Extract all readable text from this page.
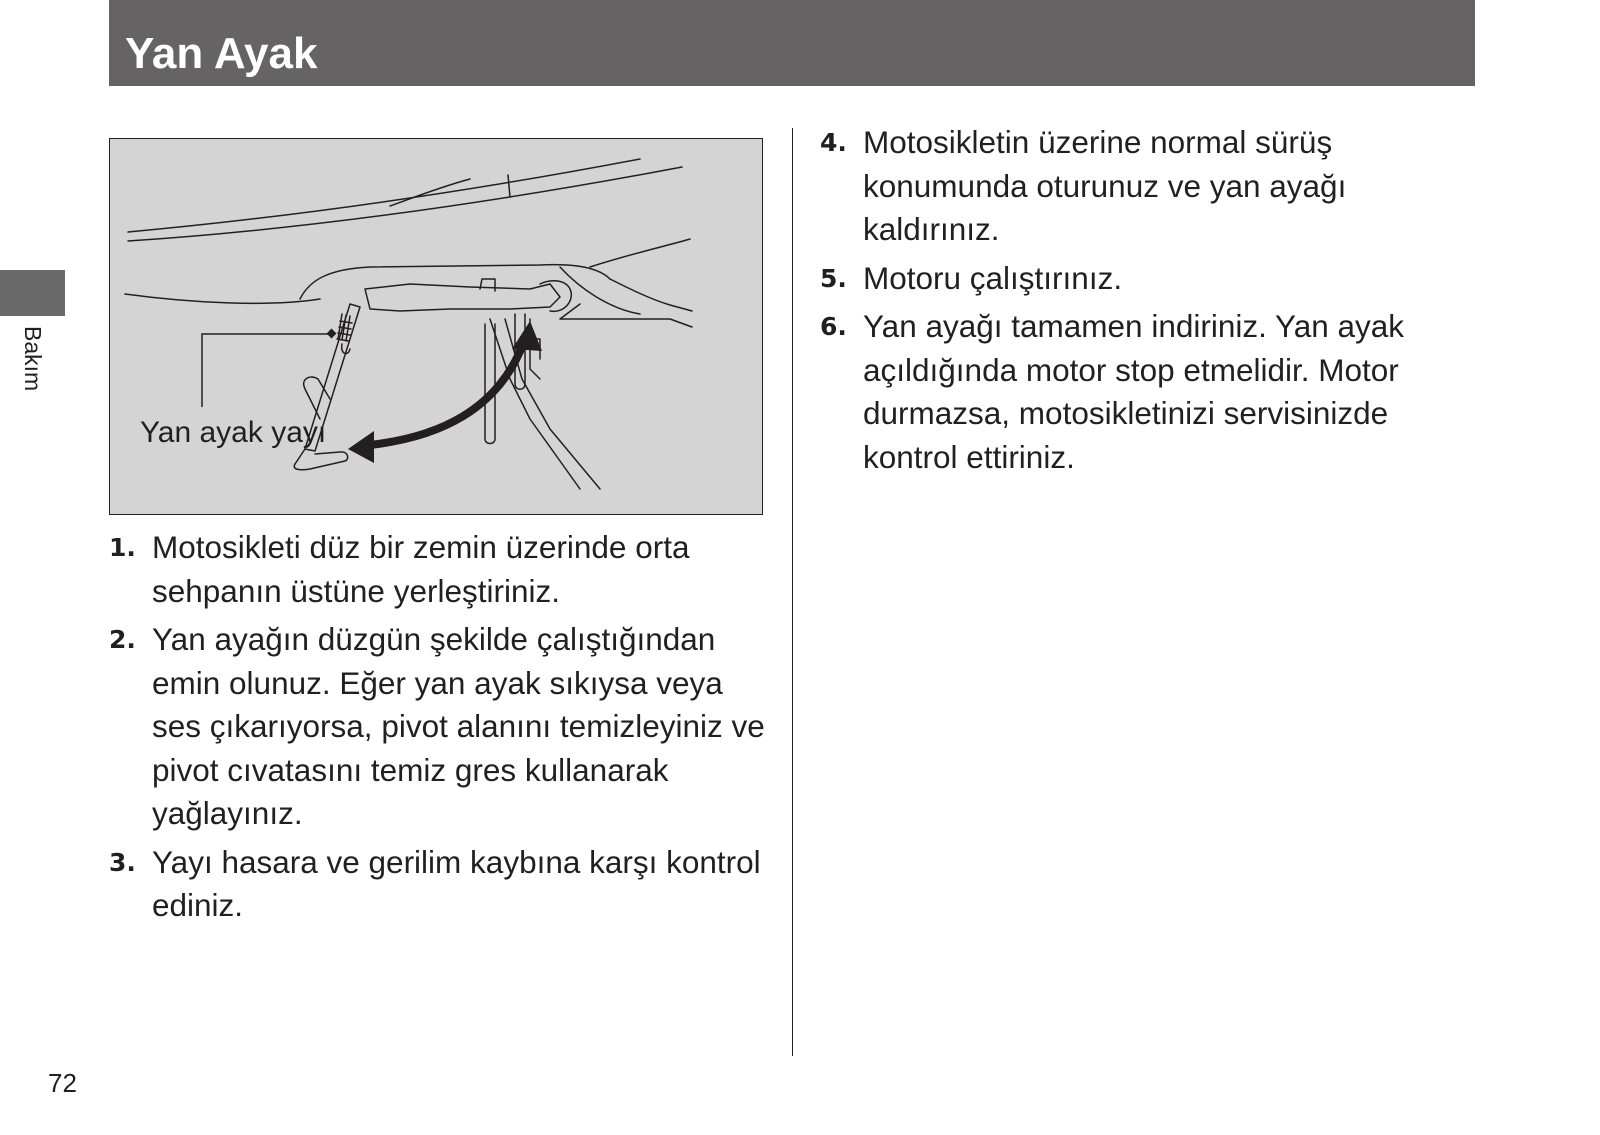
Yan Ayak
Bakım
Yan ayak yayı
1. Motosikleti düz bir zemin üzerinde orta sehpanın üstüne yerleştiriniz.
2. Yan ayağın düzgün şekilde çalıştığından emin olunuz. Eğer yan ayak sıkıysa veya ses çıkarıyorsa, pivot alanını temizleyiniz ve pivot cıvatasını temiz gres kullanarak yağlayınız.
3. Yayı hasara ve gerilim kaybına karşı kontrol ediniz.
4. Motosikletin üzerine normal sürüş konumunda oturunuz ve yan ayağı kaldırınız.
5. Motoru çalıştırınız.
6. Yan ayağı tamamen indiriniz. Yan ayak açıldığında motor stop etmelidir. Motor durmazsa, motosikletinizi servisinizde kontrol ettiriniz.
72
